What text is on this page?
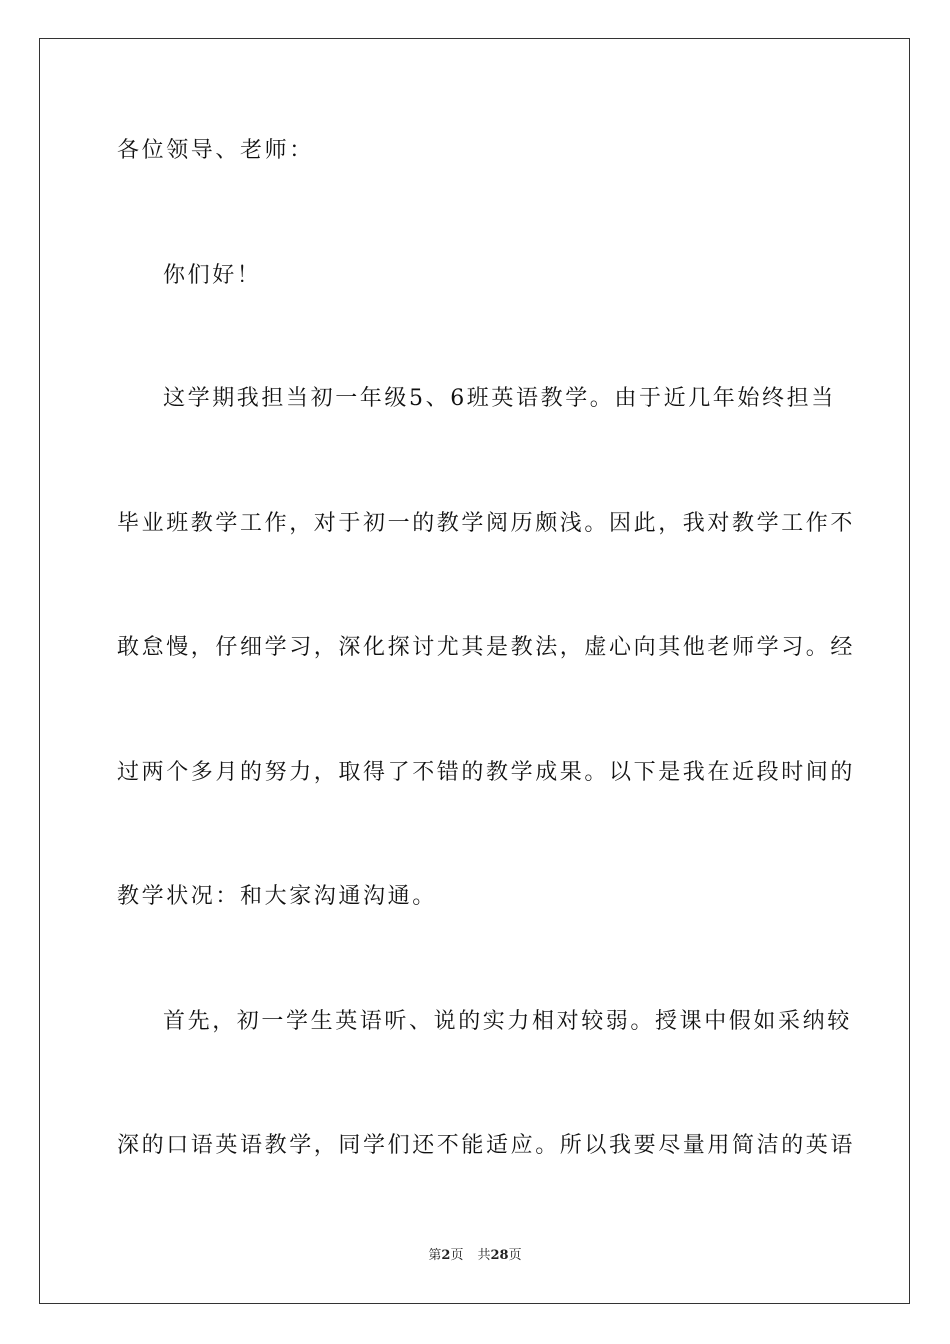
各位领导、老师：
你们好！
这学期我担当初一年级5、6班英语教学。由于近几年始终担当
毕业班教学工作，对于初一的教学阅历颇浅。因此，我对教学工作不
敢怠慢，仔细学习，深化探讨尤其是教法，虚心向其他老师学习。经
过两个多月的努力，取得了不错的教学成果。以下是我在近段时间的
教学状况：和大家沟通沟通。
首先，初一学生英语听、说的实力相对较弱。授课中假如采纳较
深的口语英语教学，同学们还不能适应。所以我要尽量用简洁的英语
第2页 共28页
